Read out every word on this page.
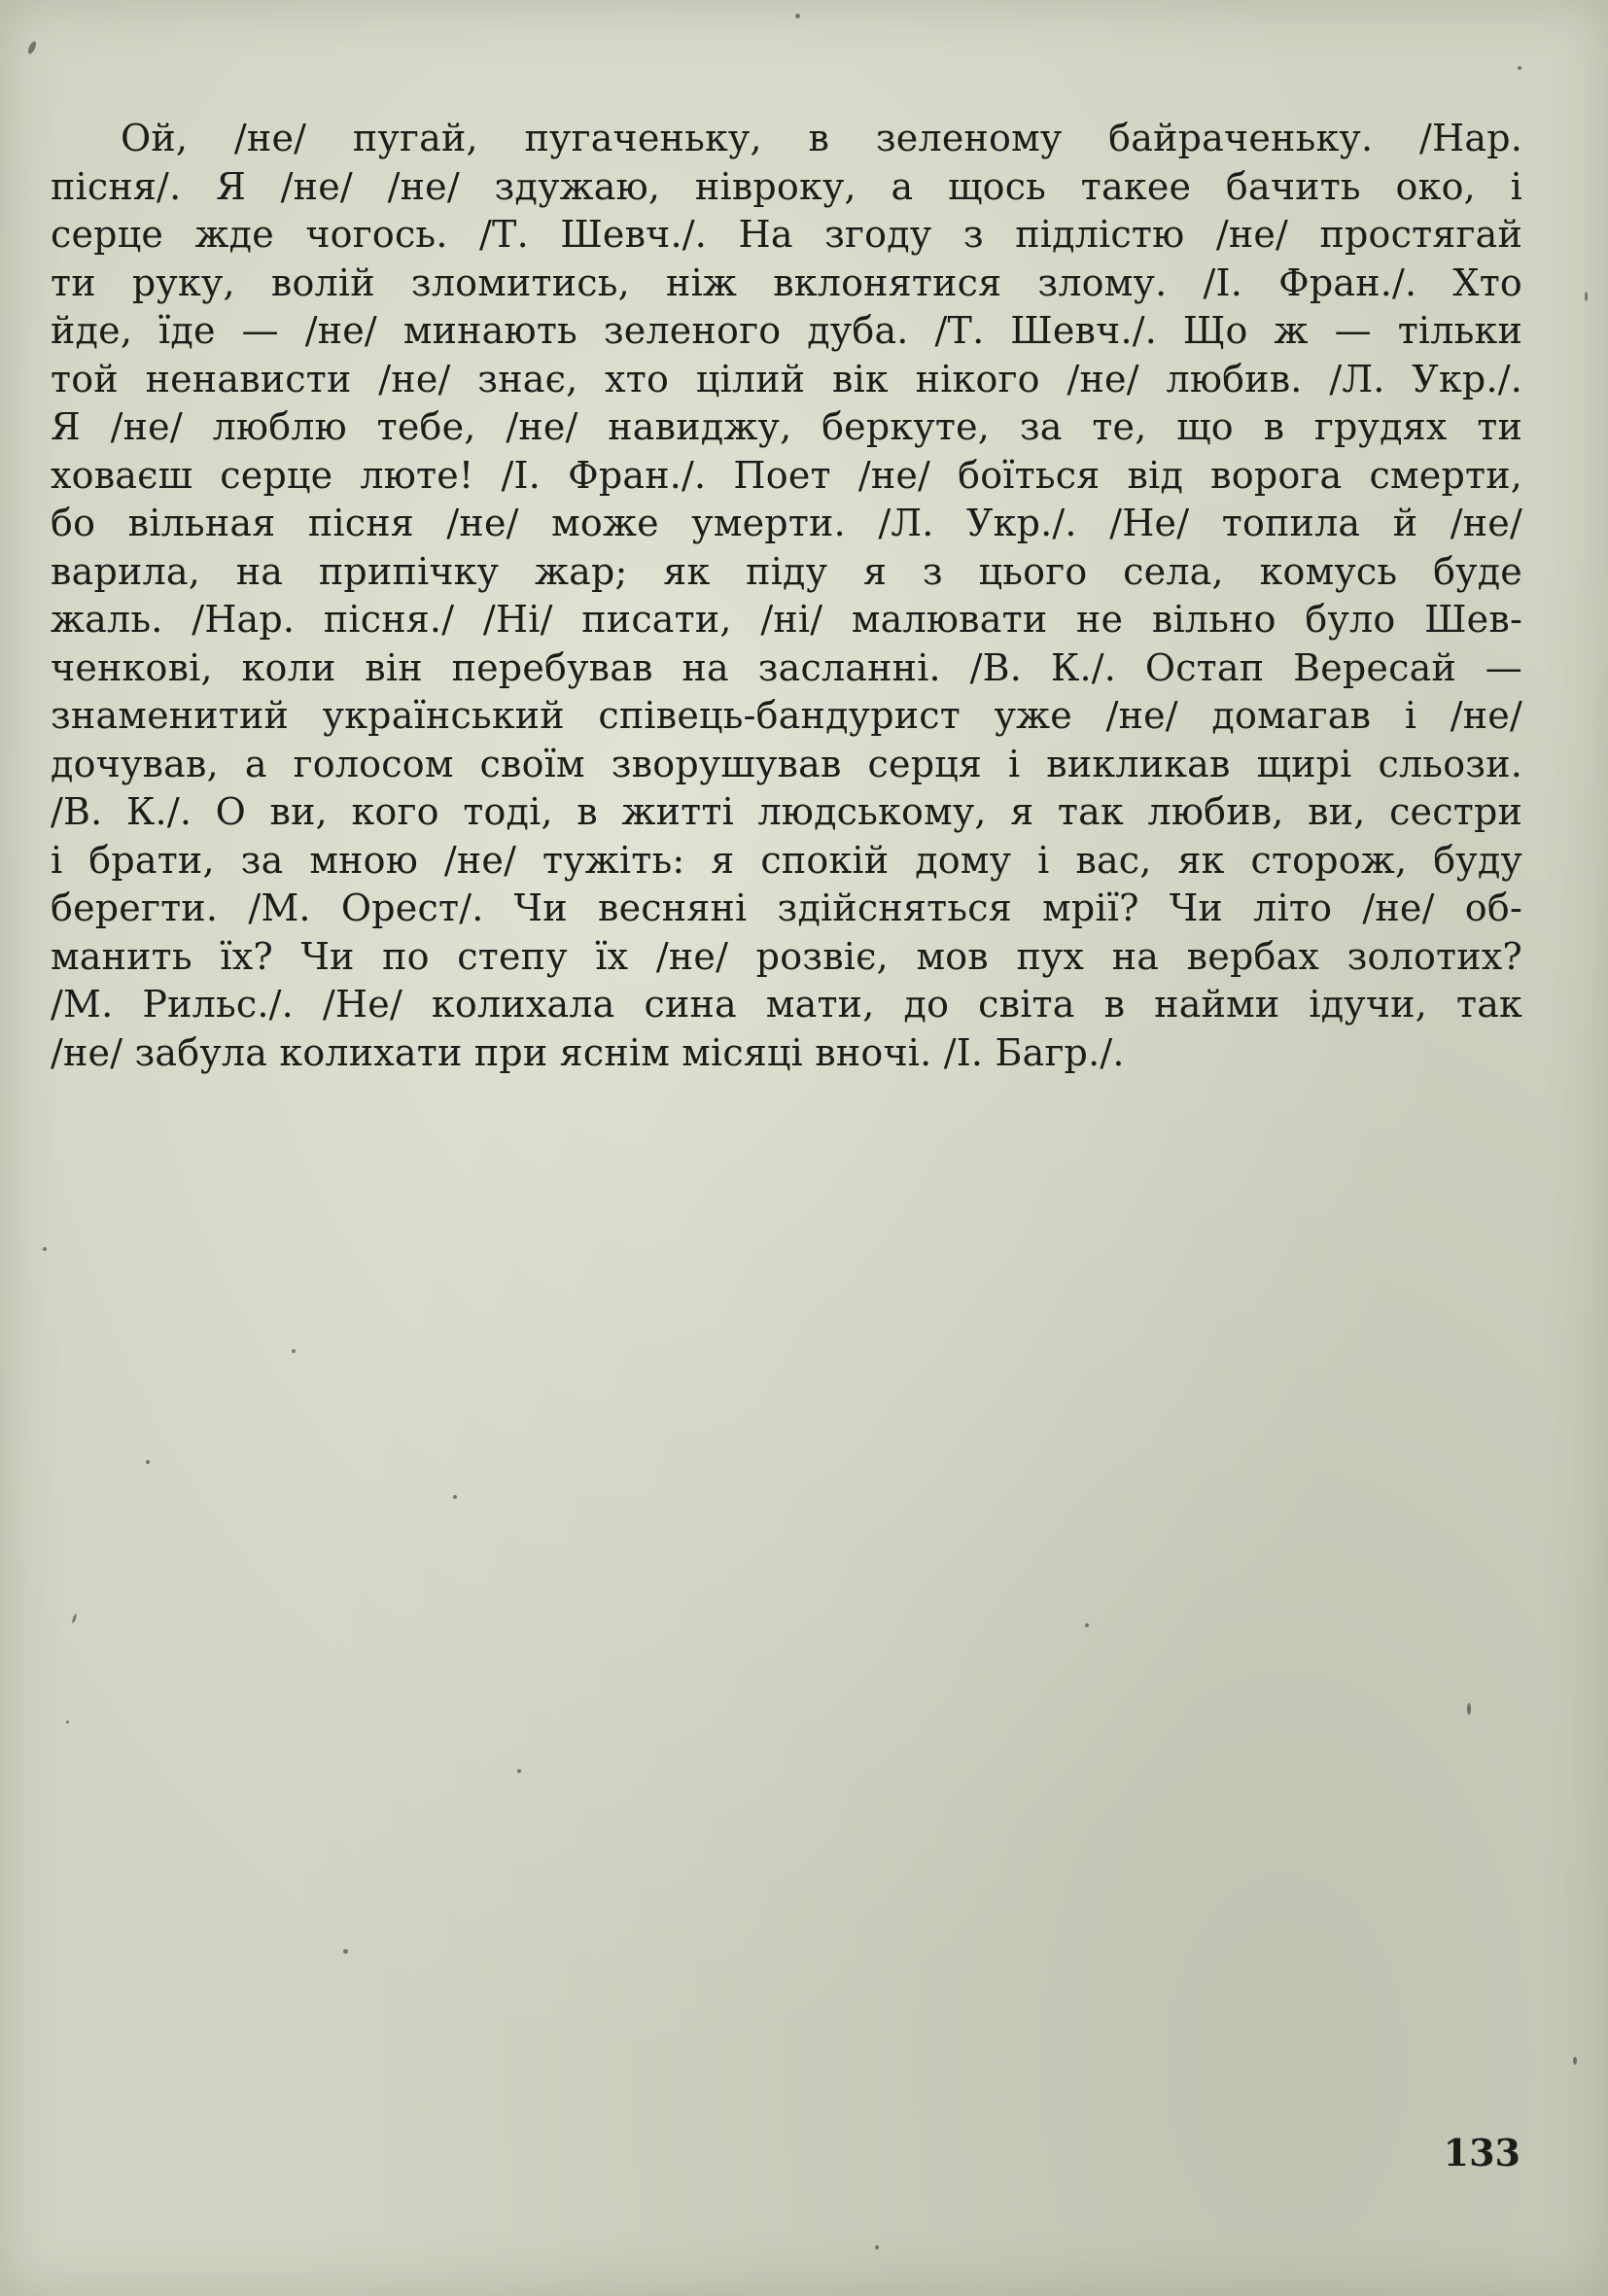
Ой, /не/ пугай, пугаченьку, в зеленому байраченьку. /Нар.
пісня/. Я /не/ /не/ здужаю, нівроку, а щось такее бачить око, і
серце жде чогось. /Т. Шевч./. На згоду з підлістю /не/ простягай
ти руку, волій зломитись, ніж вклонятися злому. /І. Фран./. Хто
йде, їде — /не/ минають зеленого дуба. /Т. Шевч./. Що ж — тільки
той ненависти /не/ знає, хто цілий вік нікого /не/ любив. /Л. Укр./.
Я /не/ люблю тебе, /не/ навиджу, беркуте, за те, що в грудях ти
ховаєш серце люте! /І. Фран./. Поет /не/ боїться від ворога смерти,
бо вільная пісня /не/ може умерти. /Л. Укр./. /Не/ топила й /не/
варила, на припічку жар; як піду я з цього села, комусь буде
жаль. /Нар. пісня./ /Ні/ писати, /ні/ малювати не вільно було Шев-
ченкові, коли він перебував на засланні. /В. К./. Остап Вересай —
знаменитий український співець-бандурист уже /не/ домагав і /не/
дочував, а голосом своїм зворушував серця і викликав щирі сльози.
/В. К./. О ви, кого тоді, в житті людському, я так любив, ви, сестри
і брати, за мною /не/ тужіть: я спокій дому і вас, як сторож, буду
берегти. /М. Орест/. Чи весняні здійсняться мрії? Чи літо /не/ об-
манить їх? Чи по степу їх /не/ розвіє, мов пух на вербах золотих?
/М. Рильс./. /Не/ колихала сина мати, до світа в найми ідучи, так
/не/ забула колихати при яснім місяці вночі. /І. Багр./.
133
